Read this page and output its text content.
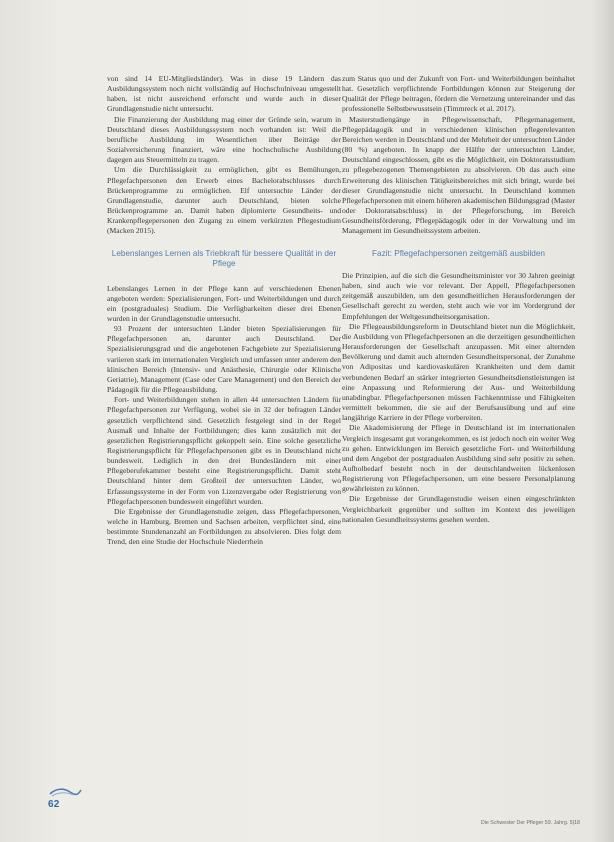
von sind 14 EU-Mitgliedsländer). Was in diese 19 Ländern das Ausbildungssystem noch nicht vollständig auf Hochschulniveau umgestellt haben, ist nicht ausreichend erforscht und wurde auch in dieser Grundlagenstudie nicht untersucht.

Die Finanzierung der Ausbildung mag einer der Gründe sein, warum in Deutschland dieses Ausbildungssystem noch vorhanden ist: Weil die berufliche Ausbildung im Wesentlichen über Beiträge der Sozialversicherung finanziert, wäre eine hochschulische Ausbildung dagegen aus Steuermitteln zu tragen.

Um die Durchlässigkeit zu ermöglichen, gibt es Bemühungen, Pflegefachpersonen den Erwerb eines Bachelorabschlusses durch Brückenprogramme zu ermöglichen. Elf untersuchte Länder der Grundlagenstudie, darunter auch Deutschland, bieten solche Brückenprogramme an. Damit haben diplomierte Gesundheits- und Krankenpflegepersonen den Zugang zu einem verkürzten Pflegestudium (Macken 2015).

Lebenslanges Lernen als Triebkraft für bessere Qualität in der Pflege

Lebenslanges Lernen in der Pflege kann auf verschiedenen Ebenen angeboten werden: Spezialisierungen, Fort- und Weiterbildungen und durch ein (postgraduales) Studium. Die Verfügbarkeiten dieser drei Ebenen wurden in der Grundlagenstudie untersucht.

93 Prozent der untersuchten Länder bieten Spezialisierungen für Pflegefachpersonen an, darunter auch Deutschland. Der Spezialisierungsgrad und die angebotenen Fachgebiete zur Spezialisierung variieren stark im internationalen Vergleich und umfassen unter anderem den klinischen Bereich (Intensiv- und Anästhesie, Chirurgie oder Klinische Geriatrie), Management (Case oder Care Management) und den Bereich der Pädagogik für die Pflegeausbildung.

Fort- und Weiterbildungen stehen in allen 44 untersuchten Ländern für Pflegefachpersonen zur Verfügung, wobei sie in 32 der befragten Länder gesetzlich verpflichtend sind. Gesetzlich festgelegt sind in der Regel Ausmaß und Inhalte der Fortbildungen; dies kann zusätzlich mit der gesetzlichen Registrierungspflicht gekoppelt sein. Eine solche gesetzliche Registrierungspflicht für Pflegefachpersonen gibt es in Deutschland nicht bundesweit. Lediglich in den drei Bundesländern mit einer Pflegeberufekammer besteht eine Registrierungspflicht. Damit steht Deutschland hinter dem Großteil der untersuchten Länder, wo Erfassungssysteme in der Form von Lizenzvergabe oder Registrierung von Pflegefachpersonen bundesweit eingeführt wurden.

Die Ergebnisse der Grundlagenstudie zeigen, dass Pflegefachpersonen, welche in Hamburg, Bremen und Sachsen arbeiten, verpflichtet sind, eine bestimmte Stundenanzahl an Fortbildungen zu absolvieren. Dies folgt dem Trend, den eine Studie der Hochschule Niederrhein

zum Status quo und der Zukunft von Fort- und Weiterbildungen beinhaltet hat. Gesetzlich verpflichtende Fortbildungen können zur Steigerung der Qualität der Pflege beitragen, fördern die Vernetzung untereinander und das professionelle Selbstbewusstsein (Timmreck et al. 2017).

Masterstudiengänge in Pflegewissenschaft, Pflegemanagement, Pflegepädagogik und in verschiedenen klinischen pflegerelevanten Bereichen werden in Deutschland und der Mehrheit der untersuchten Länder (80 %) angeboten. In knapp der Hälfte der untersuchten Länder, Deutschland eingeschlossen, gibt es die Möglichkeit, ein Doktoratsstudium zu pflegebezogenen Themengebieten zu absolvieren. Ob das auch eine Erweiterung des klinischen Tätigkeitsbereiches mit sich bringt, wurde bei dieser Grundlagenstudie nicht untersucht. In Deutschland kommen Pflegefachpersonen mit einem höheren akademischen Bildungsgrad (Master oder Doktoratsabschluss) in der Pflegeforschung, im Bereich Gesundheitsförderung, Pflegepädagogik oder in der Verwaltung und im Management im Gesundheitssystem arbeiten.

Fazit: Pflegefachpersonen zeitgemäß ausbilden

Die Prinzipien, auf die sich die Gesundheitsminister vor 30 Jahren geeinigt haben, sind auch wie vor relevant. Der Appell, Pflegefachpersonen zeitgemäß auszubilden, um den gesundheitlichen Herausforderungen der Gesellschaft gerecht zu werden, steht auch wie vor im Vordergrund der Empfehlungen der Weltgesundheitsorganisation.

Die Pflegeausbildungsreform in Deutschland bietet nun die Möglichkeit, die Ausbildung von Pflegefachpersonen an die derzeitigen gesundheitlichen Herausforderungen der Gesellschaft anzupassen. Mit einer alternden Bevölkerung und damit auch alternden Gesundheitspersonal, der Zunahme von Adipositas und kardiovaskulären Krankheiten und dem damit verbundenen Bedarf an stärker integrierten Gesundheitsdienstleistungen ist eine Anpassung und Reformierung der Aus- und Weiterbildung unabdingbar. Pflegefachpersonen müssen Fachkenntnisse und Fähigkeiten vermittelt bekommen, die sie auf der Berufsausübung und auf eine langjährige Karriere in der Pflege vorbereiten.

Die Akademisierung der Pflege in Deutschland ist im internationalen Vergleich insgesamt gut vorangekommen, es ist jedoch noch ein weiter Weg zu gehen. Entwicklungen im Bereich gesetzliche Fort- und Weiterbildung und dem Angebot der postgradualen Ausbildung sind sehr positiv zu sehen. Aufholbedarf besteht noch in der deutschlandweiten lückenlosen Registrierung von Pflegefachpersonen, um eine bessere Personalplanung gewährleisten zu können.

Die Ergebnisse der Grundlagenstudie weisen einen eingeschränkten Vergleichbarkeit gegenüber und sollten im Kontext des jeweiligen nationalen Gesundheitssystems gesehen werden.

62
Die Schwester Der Pfleger 59. Jahrg. 5|18
